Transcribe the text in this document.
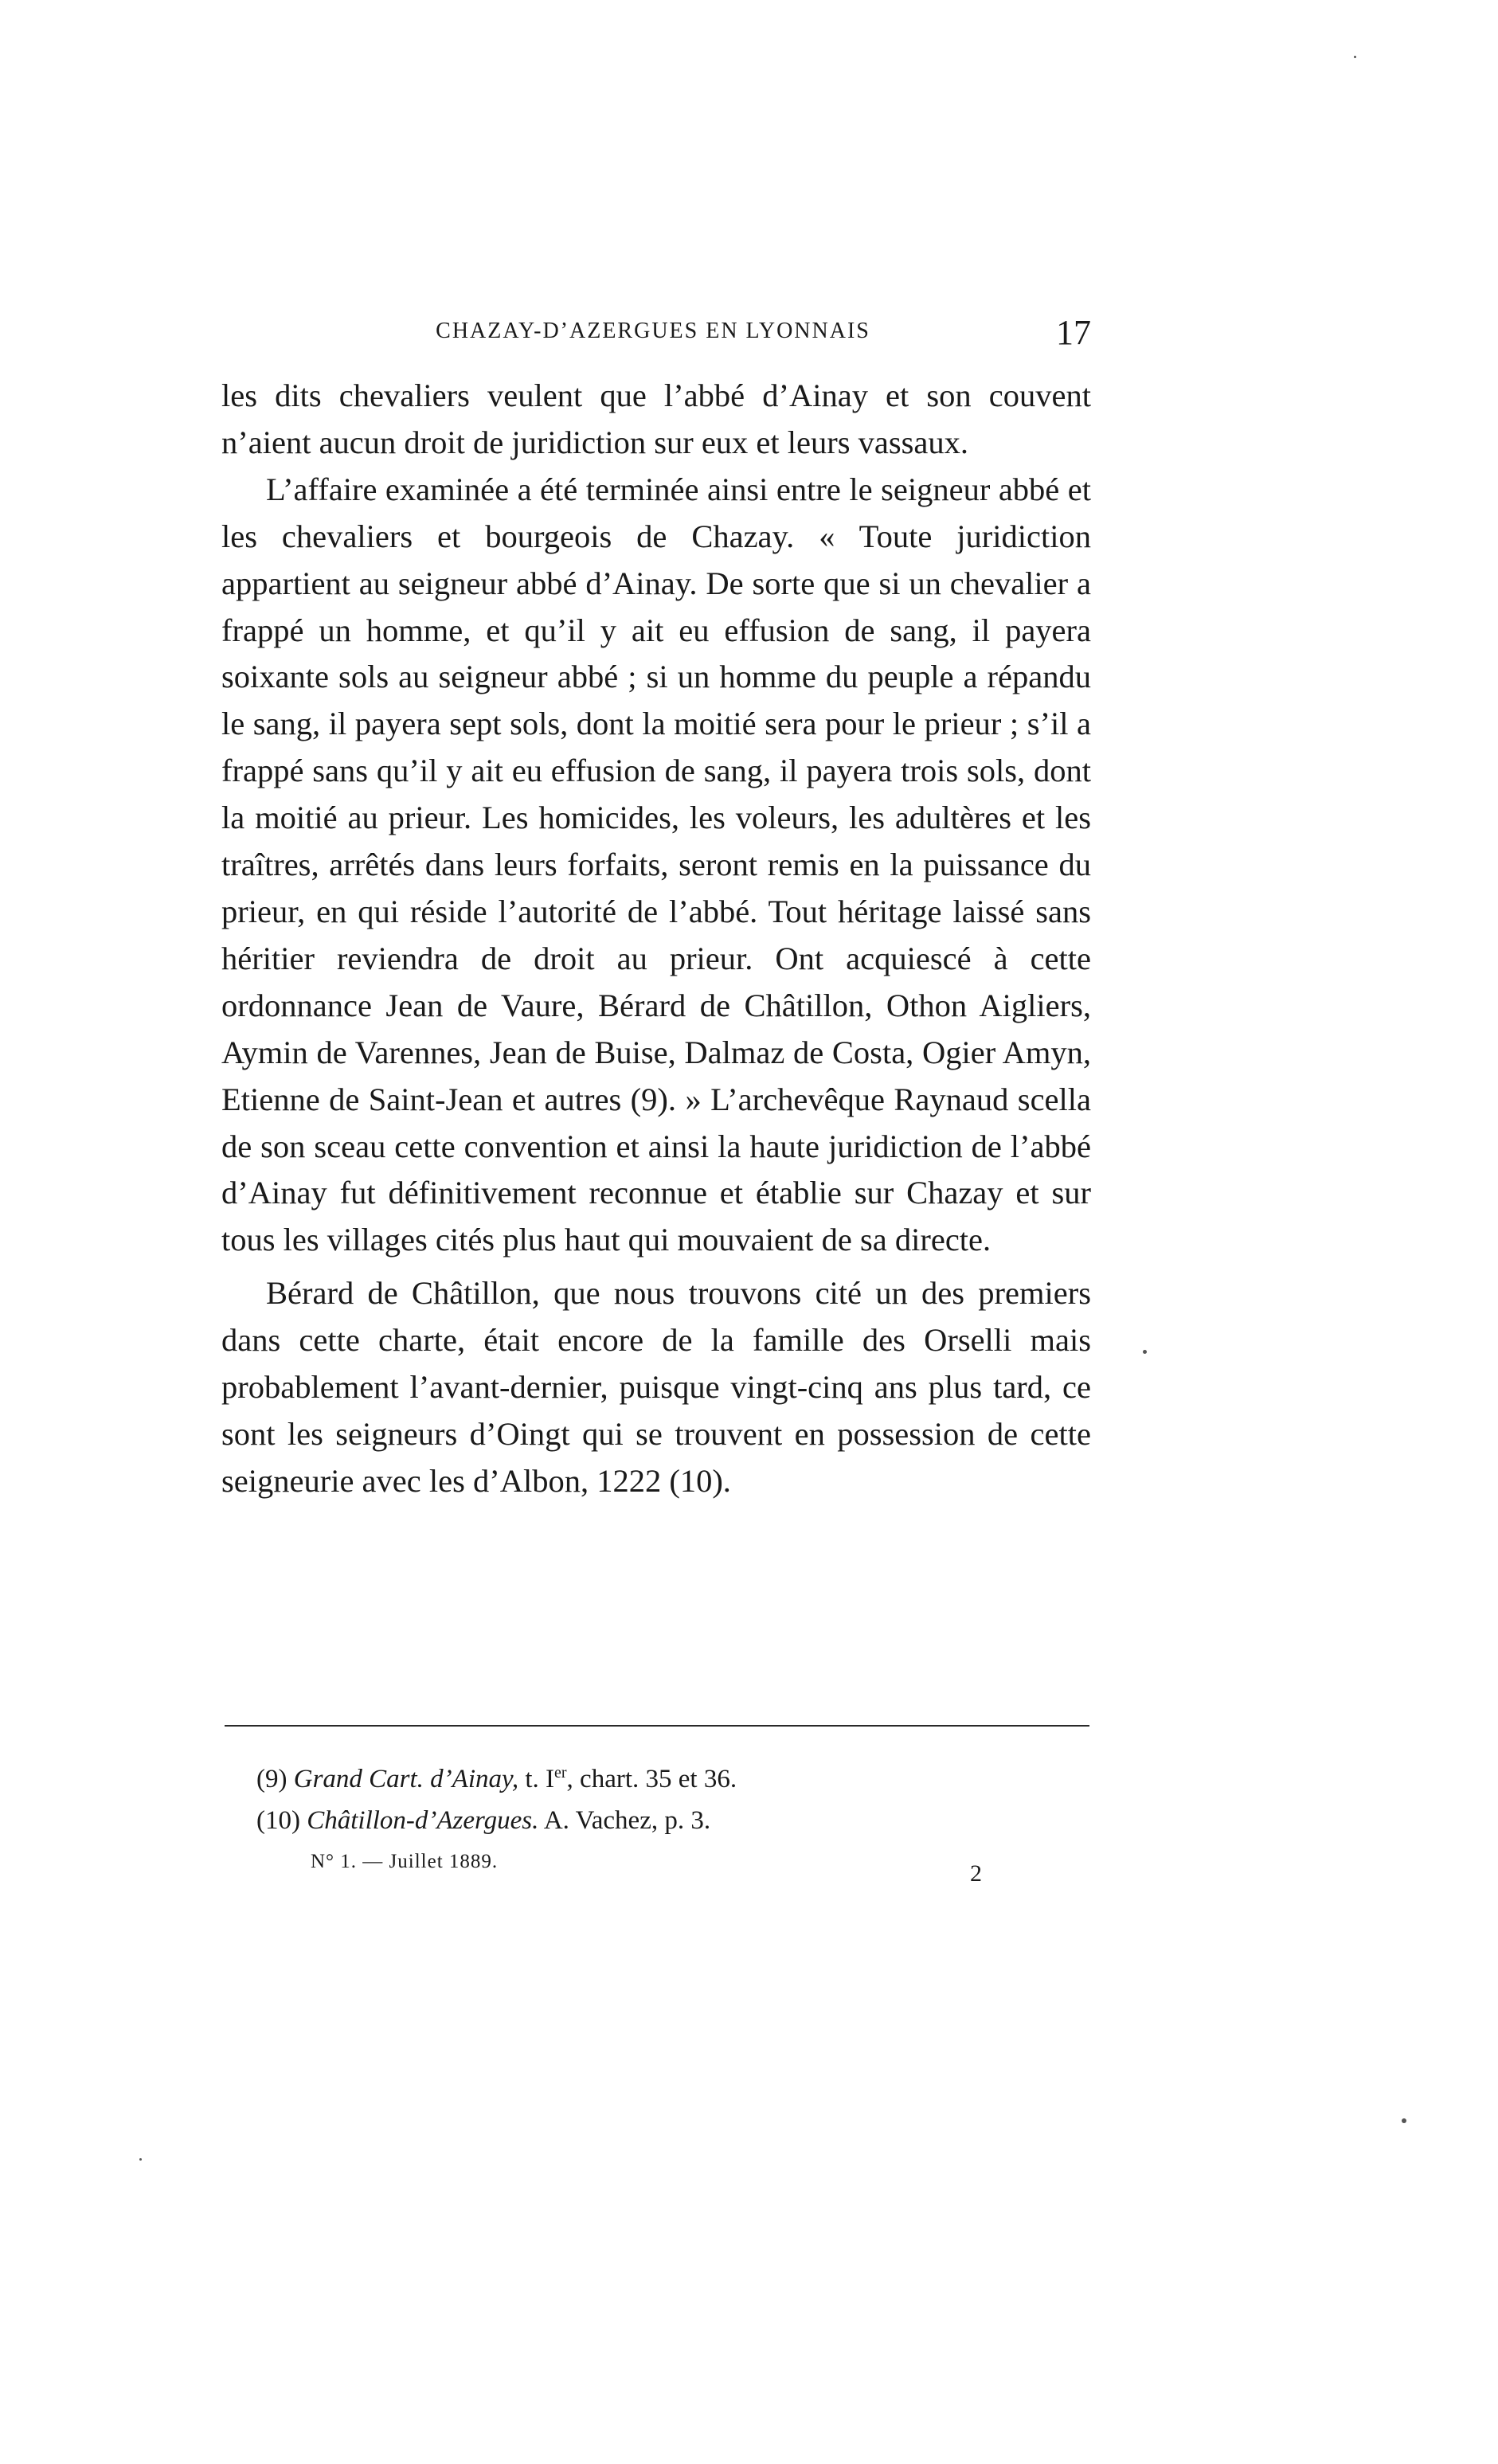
CHAZAY-D’AZERGUES EN LYONNAIS	17

les dits chevaliers veulent que l’abbé d’Ainay et son couvent n’aient aucun droit de juridiction sur eux et leurs vassaux.

L’affaire examinée a été terminée ainsi entre le seigneur abbé et les chevaliers et bourgeois de Chazay. « Toute juridiction appartient au seigneur abbé d’Ainay. De sorte que si un chevalier a frappé un homme, et qu’il y ait eu effusion de sang, il payera soixante sols au seigneur abbé ; si un homme du peuple a répandu le sang, il payera sept sols, dont la moitié sera pour le prieur ; s’il a frappé sans qu’il y ait eu effusion de sang, il payera trois sols, dont la moitié au prieur. Les homicides, les voleurs, les adultères et les traîtres, arrêtés dans leurs forfaits, seront remis en la puissance du prieur, en qui réside l’autorité de l’abbé. Tout héritage laissé sans héritier reviendra de droit au prieur. Ont acquiescé à cette ordonnance Jean de Vaure, Bérard de Châtillon, Othon Aigliers, Aymin de Varennes, Jean de Buise, Dalmaz de Costa, Ogier Amyn, Etienne de Saint-Jean et autres (9). » L’archevêque Raynaud scella de son sceau cette convention et ainsi la haute juridiction de l’abbé d’Ainay fut définitivement reconnue et établie sur Chazay et sur tous les villages cités plus haut qui mouvaient de sa directe.

Bérard de Châtillon, que nous trouvons cité un des premiers dans cette charte, était encore de la famille des Orselli mais probablement l’avant-dernier, puisque vingt-cinq ans plus tard, ce sont les seigneurs d’Oingt qui se trouvent en possession de cette seigneurie avec les d’Albon, 1222 (10).

(9) Grand Cart. d’Ainay, t. Ier, chart. 35 et 36.

(10) Châtillon-d’Azergues. A. Vachez, p. 3.

N° 1. — Juillet 1889.	2
